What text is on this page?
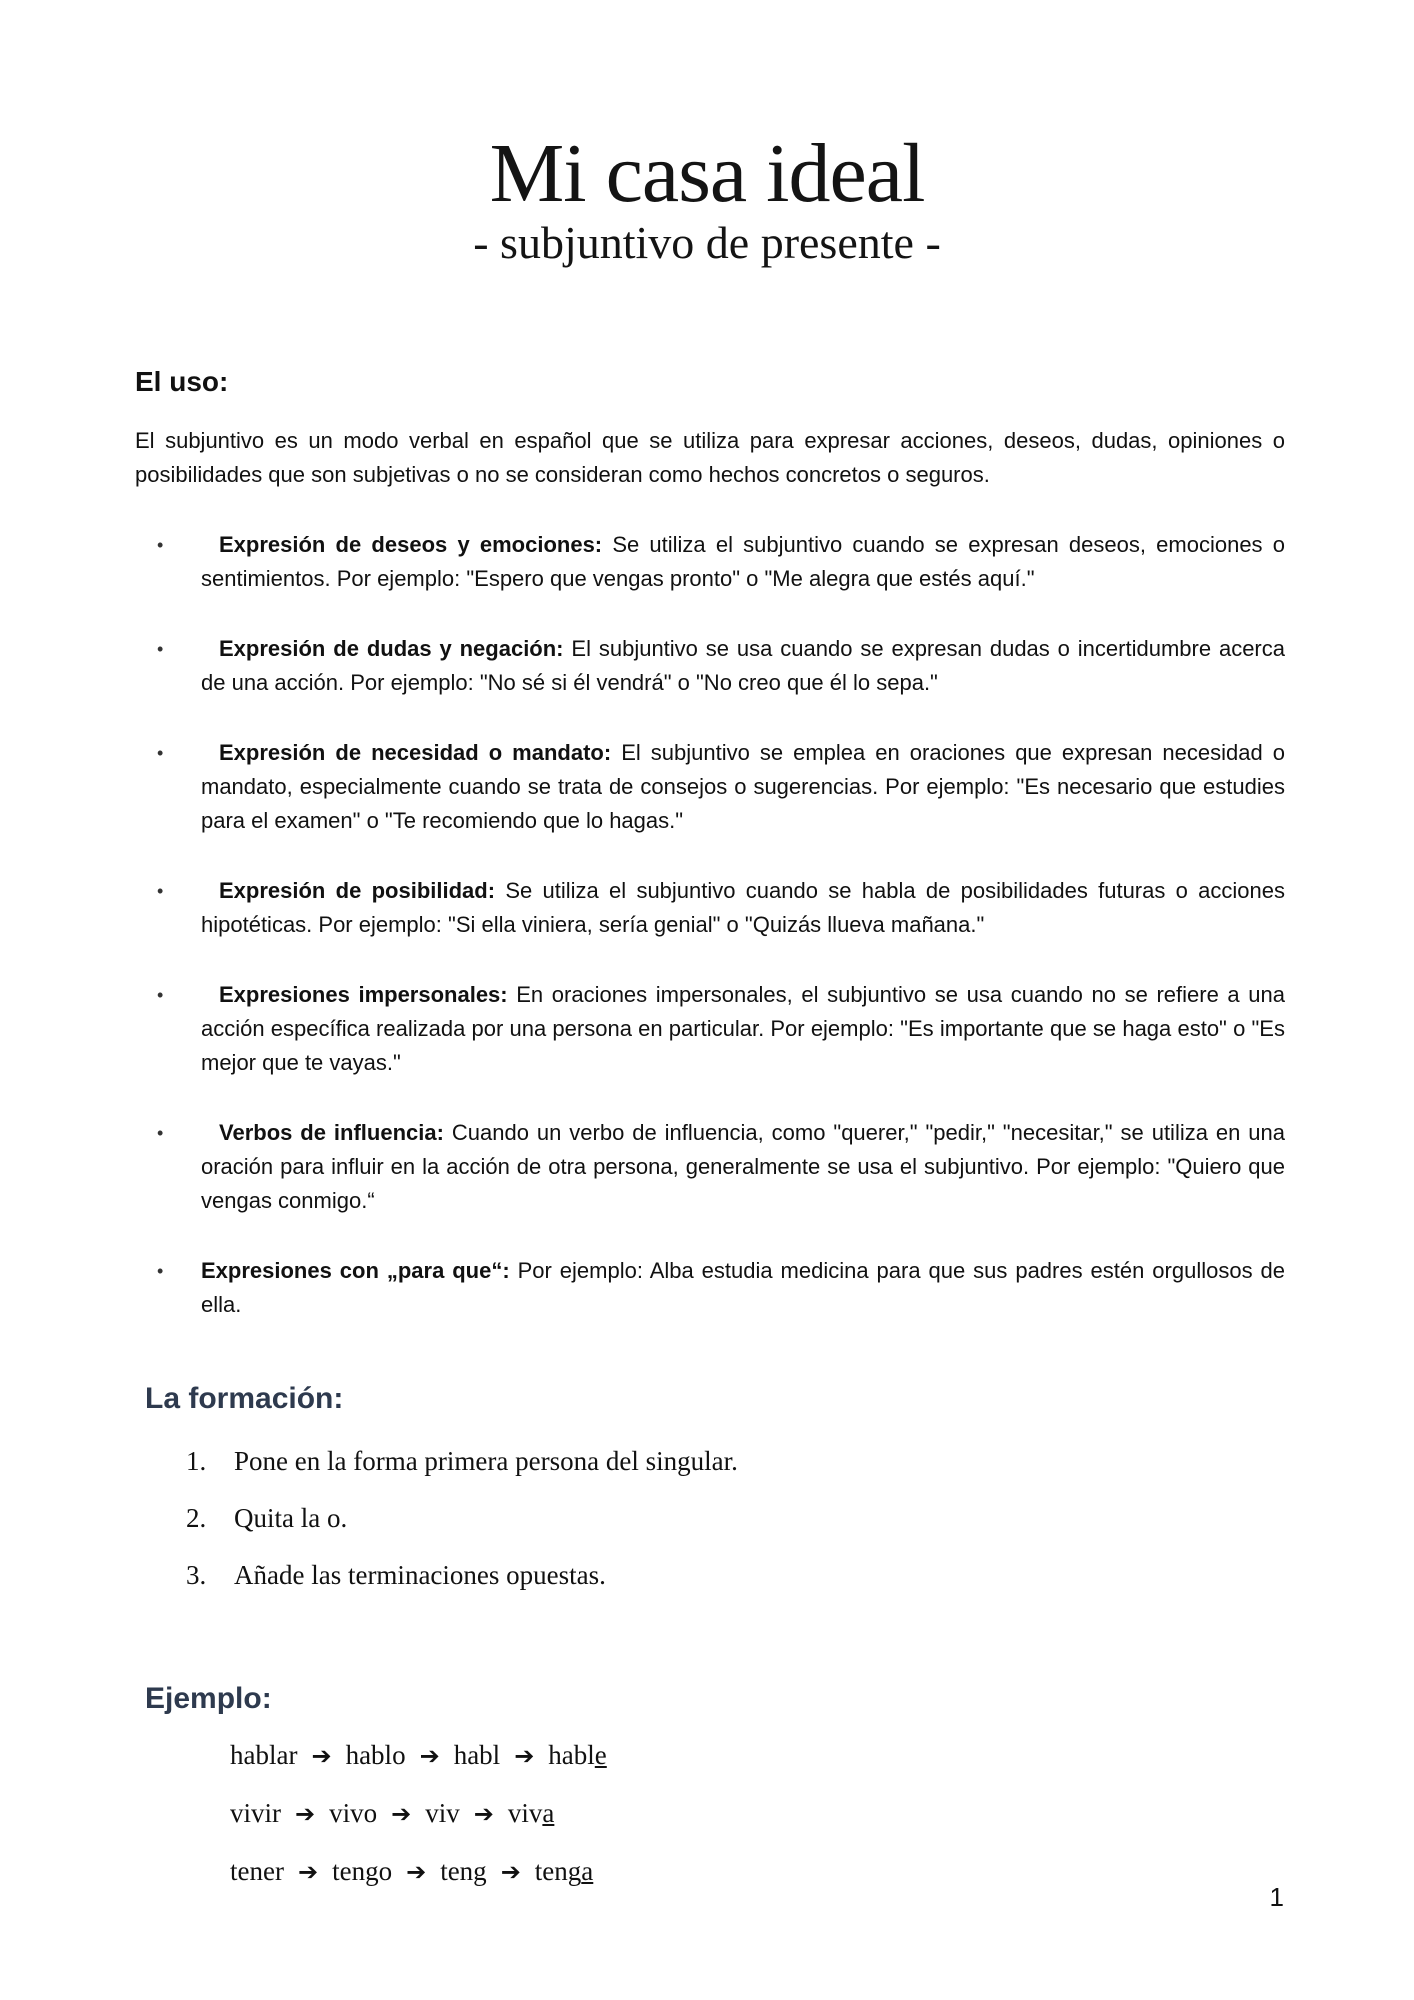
Mi casa ideal
- subjuntivo de presente -
El uso:

El subjuntivo es un modo verbal en español que se utiliza para expresar acciones, deseos, dudas, opiniones o posibilidades que son subjetivas o no se consideran como hechos concretos o seguros.

•	Expresión de deseos y emociones: Se utiliza el subjuntivo cuando se expresan deseos, emociones o sentimientos. Por ejemplo: "Espero que vengas pronto" o "Me alegra que estés aquí."
•	Expresión de dudas y negación: El subjuntivo se usa cuando se expresan dudas o incertidumbre acerca de una acción. Por ejemplo: "No sé si él vendrá" o "No creo que él lo sepa."
•	Expresión de necesidad o mandato: El subjuntivo se emplea en oraciones que expresan necesidad o mandato, especialmente cuando se trata de consejos o sugerencias. Por ejemplo: "Es necesario que estudies para el examen" o "Te recomiendo que lo hagas."
•	Expresión de posibilidad: Se utiliza el subjuntivo cuando se habla de posibilidades futuras o acciones hipotéticas. Por ejemplo: "Si ella viniera, sería genial" o "Quizás llueva mañana."
•	Expresiones impersonales: En oraciones impersonales, el subjuntivo se usa cuando no se refiere a una acción específica realizada por una persona en particular. Por ejemplo: "Es importante que se haga esto" o "Es mejor que te vayas."
•	Verbos de influencia: Cuando un verbo de influencia, como "querer," "pedir," "necesitar," se utiliza en una oración para influir en la acción de otra persona, generalmente se usa el subjuntivo. Por ejemplo: "Quiero que vengas conmigo.“
• Expresiones con „para que“: Por ejemplo: Alba estudia medicina para que sus padres estén orgullosos de ella.
La formación:
1. Pone en la forma primera persona del singular.
2. Quita la o.
3. Añade las terminaciones opuestas.
Ejemplo:
hablar ➔ hablo ➔ habl ➔ hable
vivir ➔ vivo ➔ viv ➔ viva
tener ➔ tengo ➔ teng ➔ tenga
1
